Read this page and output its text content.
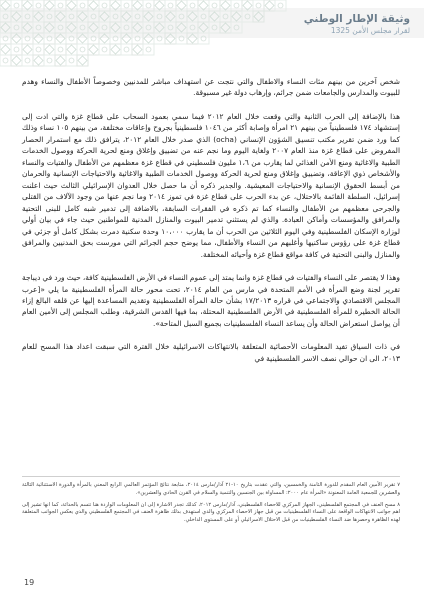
وثيقة الإطار الوطني
لقرار مجلس الأمن 1325

شخص آخرين من بينهم مئات النساء والاطفال والتي نتجت عن استهداف مباشر للمدنيين وخصوصاً الأطفال والنساء وهدم للبيوت والمدارس والجامعات ضمن جرائم، وإرهاب دولة غير مسبوقة.

هذا بالإضافة إلى الحرب الثانية والتي وقعت خلال العام ٢٠١٢ فيما سمي بعمود السحاب على قطاع غزة والتي ادت إلى إستشهاد ١٧٤ فلسطينياً من بينهم ٢١ امرأة وإصابة أكثر من ١٠٤٦ فلسطينياً بجروح وإعاقات مختلفة، من بينهم ١٠٥ نساء وذلك كما ورد ضمن تقرير مكتب تنسيق الشؤون الإنساني (ocha) الذي صدر خلال العام ٢٠١٢، يترافق ذلك مع استمرار الحصار المفروض على قطاع غزة منذ العام ٢٠٠٧ ولغاية اليوم وما نجم عنه من تضييق وإغلاق ومنع لحرية الحركة ووصول الخدمات الطبية والاغاثية ومنع الأمن الغذائي لما يقارب من ١،٦ مليون فلسطيني في قطاع غزة معظمهم من الأطفال والفتيات والنساء والأشخاص ذوي الإعاقة، وتضييق وإغلاق ومنع لحرية الحركة ووصول الخدمات الطبية والاغاثية والاحتياجات الإنسانية والحرمان من أبسط الحقوق الإنسانية والاحتياجات المعيشية. والجدير ذكره أن ما حصل خلال العدوان الإسرائيلي الثالث حيث اعلنت إسرائيل، السلطة القائمة بالاحتلال، عن بدء الحرب على قطاع غزة في تموز ٢٠١٤ وما نجم عنها من وجود الآلاف من القتلى والجرحى معظمهم من الأطفال والنساء كما تم ذكره في الفقرات السابقة، بالاضافة إلى تدمير شبه كامل للبنى التحتية والمرافق والمؤسسات وأماكن العبادة. والذي لم يستثني تدمير البيوت والمنازل المدنية للمواطنين حيث جاء في بيان أولي لوزارة الإسكان الفلسطينية وفي اليوم الثلاثين من الحرب أن ما يقارب ١٠،٠٠٠ وحدة سكنية دمرت بشكل كامل أو جزئي في قطاع غزة على رؤوس ساكنيها وأغلبهم من النساء والأطفال، مما يوضح حجم الجرائم التي مورست بحق المدنيين والمرافق والمنازل والبنى التحتية في كافة مواقع قطاع غزة وأحيائه المختلفة.

وهذا لا يقتصر على النساء والفتيات في قطاع غزة وانما يمتد إلى عموم النساء في الأرض الفلسطينية كافة، حيث ورد في ديباجة تقرير لجنة وضع المرأة في الأمم المتحدة في مارس من العام ٢٠١٤، تحت محور حالة المرأة الفلسطينية ما يلي «[عرب المجلس الاقتصادي والاجتماعي في قراره ١٧/٢٠١٣ بشأن حالة المرأة الفلسطينية وتقديم المساعدة إليها عن قلقه البالغ إزاء الحالة الخطيرة للمرأة الفلسطينية في الأرض الفلسطينية المحتلة، بما فيها القدس الشرقية، وطلب المجلس إلى الأمين العام أن يواصل استعراض الحالة وأن يساعد النساء الفلسطينيات بجميع السبل المتاحة».

في ذات السياق تفيد المعلومات الأحصائية المتعلقة بالانتهاكات الاسرائيلية خلال الفترة التي سبقت اعداد هذا المسح للعام ٢٠١٣، الى ان حوالي نصف الاسر الفلسطينية في

٧ تقرير الأمين العام المقدم للدورة الثامنة والخمسين، والتي عقدت بتاريخ ١٠-٢١ آذار/مارس ٢٠١٤، متابعة نتائج المؤتمر العالمي الرابع المعني بالمرأة والدورة الاستثنائية الثالثة والعشرين للجمعية العامة المعنونة «المرأة عام ٢٠٠٠: المساواة بين الجنسين والتنمية والسلام في القرن الحادي والعشرين».

٨ مسح العنف في المجتمع الفلسطيني، الجهاز المركزي للاحصاء الفلسطيني، آذار/مارس ٢٠١٢، كذلك تجدر الاشارة إلى ان المعلومات الواردة هنا تتسم بالحداثة، كما انها تشير إلى اهم جوانب الانتهاكات الواقعة على النساء الفلسطينيات من قبل جهاز الاحصاء المركزي والذي استهدف بذلك ظاهرة العنف في المجتمع الفلسطيني والذي يعكس الجوانب المتعلقة لهذه الظاهرة وحصرها ضد النساء الفلسطينيات من قبل الاحتلال الاسرائيلي أو على المستوى الداخلي.

19
